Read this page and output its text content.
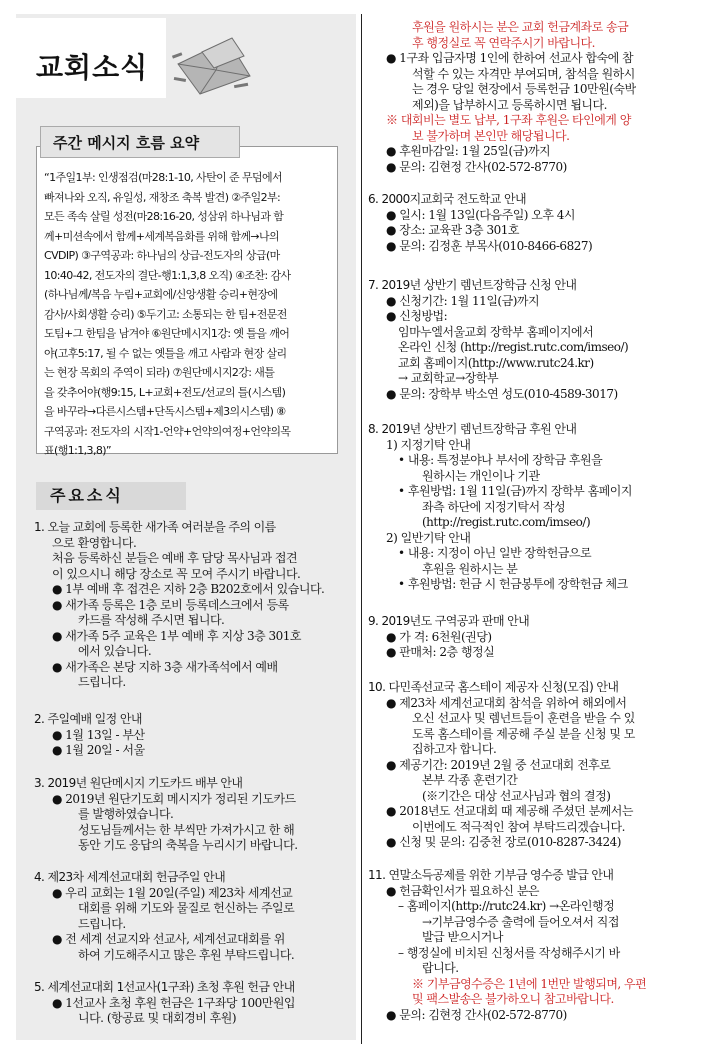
교회소식
주간 메시지 흐름 요약
“1주일1부: 인생점검(마28:1-10, 사탄이 준 무덤에서
빠져나와 오직, 유일성, 재창조 축복 발견) ②주일2부:
모든 족속 살릴 성전(마28:16-20, 성삼위 하나님과 함
께+미션속에서 함께+세계복음화를 위해 함께→나의
CVDIP) ③구역공과: 하나님의 상급-전도자의 상급(마
10:40-42, 전도자의 결단-행1:1,3,8 오직) ④조찬: 감사
(하나님께/복음 누림+교회에/신앙생활 승리+현장에
감사/사회생활 승리) ⑤두기고: 소통되는 한 팀+전문전
도팀+그 한팀을 남겨야 ⑥원단메시지1강: 옛 틀을 깨어
야(고후5:17, 될 수 없는 옛틀을 깨고 사람과 현장 살리
는 현장 목회의 주역이 되라) ⑦원단메시지2강: 새틀
을 갖추어야(행9:15, L+교회+전도/선교의 틀(시스템)
을 바꾸라→다른시스템+단독시스템+제3의시스템) ⑧
구역공과: 전도자의 시작1-언약+언약의여정+언약의목
표(행1:1,3,8)”
주요소식
1. 오늘 교회에 등록한 새가족 여러분을 주의 이름
으로 환영합니다.
처음 등록하신 분들은 예배 후 담당 목사님과 접견
이 있으시니 해당 장소로 꼭 모여 주시기 바랍니다.
● 1부 예배 후 접견은 지하 2층 B202호에서 있습니다.
● 새가족 등록은 1층 로비 등록데스크에서 등록
카드를 작성해 주시면 됩니다.
● 새가족 5주 교육은 1부 예배 후 지상 3층 301호
에서 있습니다.
● 새가족은 본당 지하 3층 새가족석에서 예배
드립니다.
2. 주일예배 일정 안내
● 1월 13일 - 부산
● 1월 20일 - 서울
3. 2019년 원단메시지 기도카드 배부 안내
● 2019년 원단기도회 메시지가 정리된 기도카드
를 발행하였습니다.
성도님들께서는 한 부씩만 가져가시고 한 해
동안 기도 응답의 축복을 누리시기 바랍니다.
4. 제23차 세계선교대회 헌금주일 안내
● 우리 교회는 1월 20일(주일) 제23차 세계선교
대회를 위해 기도와 물질로 헌신하는 주일로
드립니다.
● 전 세계 선교지와 선교사, 세계선교대회를 위
하여 기도해주시고 많은 후원 부탁드립니다.
5. 세계선교대회 1선교사(1구좌) 초청 후원 헌금 안내
● 1선교사 초청 후원 헌금은 1구좌당 100만원입
니다. (항공료 및 대회경비 후원)
후원을 원하시는 분은 교회 헌금계좌로 송금
후 행정실로 꼭 연락주시기 바랍니다.
● 1구좌 입금자명 1인에 한하여 선교사 합숙에 참
석할 수 있는 자격만 부여되며, 참석을 원하시
는 경우 당일 현장에서 등록헌금 10만원(숙박
제외)을 납부하시고 등록하시면 됩니다.
※ 대회비는 별도 납부, 1구좌 후원은 타인에게 양
보 불가하며 본인만 해당됩니다.
● 후원마감일: 1월 25일(금)까지
● 문의: 김현정 간사(02-572-8770)
6. 2000지교회국 전도학교 안내
● 일시: 1월 13일(다음주일) 오후 4시
● 장소: 교육관 3층 301호
● 문의: 김정훈 부목사(010-8466-6827)
7. 2019년 상반기 렘넌트장학금 신청 안내
● 신청기간: 1월 11일(금)까지
● 신청방법:
임마누엘서울교회 장학부 홈페이지에서
온라인 신청 (http://regist.rutc.com/imseo/)
교회 홈페이지(http://www.rutc24.kr)
→ 교회학교→장학부
● 문의: 장학부 박소연 성도(010-4589-3017)
8. 2019년 상반기 렘넌트장학금 후원 안내
1) 지정기탁 안내
• 내용: 특정분야나 부서에 장학금 후원을
원하시는 개인이나 기관
• 후원방법: 1월 11일(금)까지 장학부 홈페이지
좌측 하단에 지정기탁서 작성
(http://regist.rutc.com/imseo/)
2) 일반기탁 안내
• 내용: 지정이 아닌 일반 장학헌금으로
후원을 원하시는 분
• 후원방법: 헌금 시 헌금봉투에 장학헌금 체크
9. 2019년도 구역공과 판매 안내
● 가 격: 6천원(권당)
● 판매처: 2층 행정실
10. 다민족선교국 홈스테이 제공자 신청(모집) 안내
● 제23차 세계선교대회 참석을 위하여 해외에서
오신 선교사 및 렘넌트들이 훈련을 받을 수 있
도록 홈스테이를 제공해 주실 분을 신청 및 모
집하고자 합니다.
● 제공기간: 2019년 2월 중 선교대회 전후로
본부 각종 훈련기간
(※기간은 대상 선교사님과 협의 결정)
● 2018년도 선교대회 때 제공해 주셨던 분께서는
이번에도 적극적인 참여 부탁드리겠습니다.
● 신청 및 문의: 김중천 장로(010-8287-3424)
11. 연말소득공제를 위한 기부금 영수증 발급 안내
● 헌금확인서가 필요하신 분은
– 홈페이지(http://rutc24.kr) →온라인행정
→기부금영수증 출력에 들어오셔서 직접
발급 받으시거나
– 행정실에 비치된 신청서를 작성해주시기 바
랍니다.
※ 기부금영수증은 1년에 1번만 발행되며, 우편
및 팩스발송은 불가하오니 참고바랍니다.
● 문의: 김현정 간사(02-572-8770)
